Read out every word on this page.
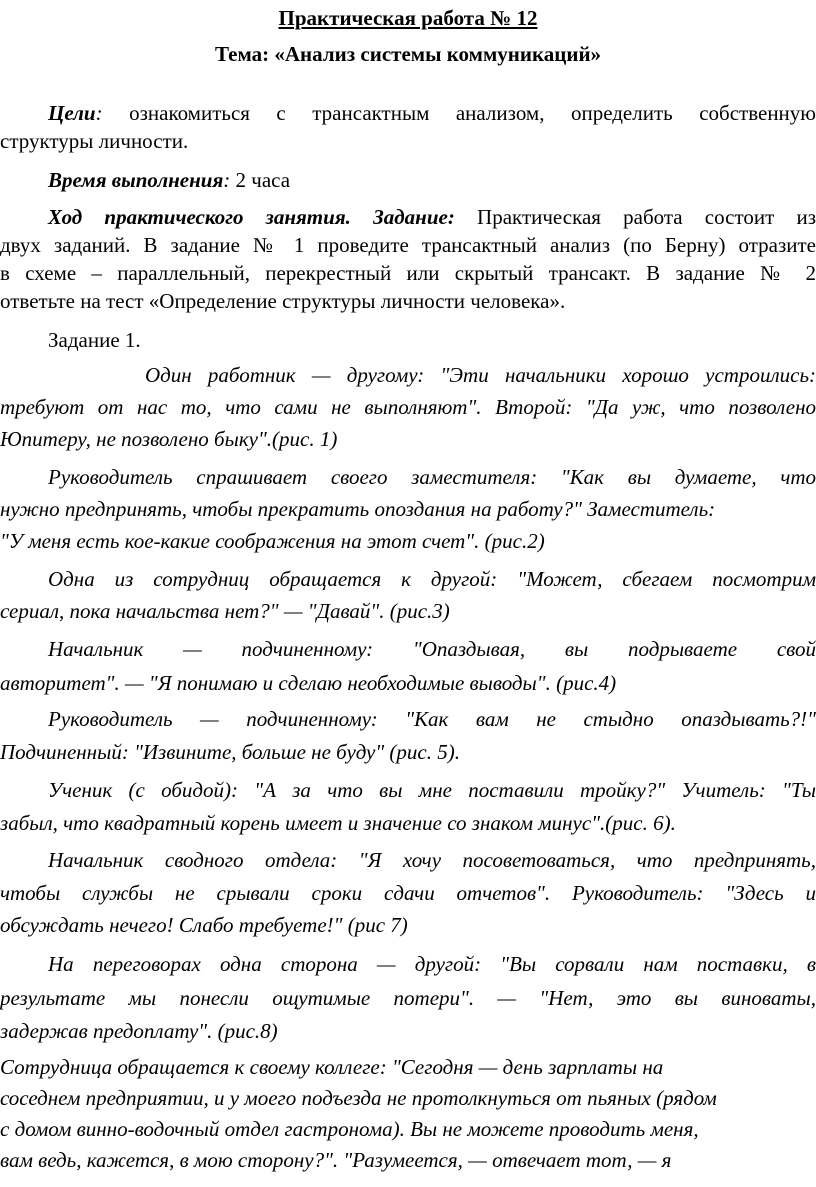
Практическая работа № 12
Тема: «Анализ системы коммуникаций»
Цели: ознакомиться с трансактным анализом, определить собственную
структуры личности.
Время выполнения: 2 часа
Ход практического занятия. Задание: Практическая работа состоит из
двух заданий. В задание № 1 проведите трансактный анализ (по Берну) отразите
в схеме – параллельный, перекрестный или скрытый трансакт. В задание № 2
ответьте на тест «Определение структуры личности человека».
Задание 1.
Один работник — другому: "Эти начальники хорошо устроились:
требуют от нас то, что сами не выполняют". Второй: "Да уж, что позволено
Юпитеру, не позволено быку".(рис. 1)
Руководитель спрашивает своего заместителя: "Как вы думаете, что
нужно предпринять, чтобы прекратить опоздания на работу?" Заместитель:
"У меня есть кое-какие соображения на этот счет". (рис.2)
Одна из сотрудниц обращается к другой: "Может, сбегаем посмотрим
сериал, пока начальства нет?" — "Давай". (рис.3)
Начальник — подчиненному: "Опаздывая, вы подрываете свой
авторитет". — "Я понимаю и сделаю необходимые выводы". (рис.4)
Руководитель — подчиненному: "Как вам не стыдно опаздывать?!"
Подчиненный: "Извините, больше не буду" (рис. 5).
Ученик (с обидой): "А за что вы мне поставили тройку?" Учитель: "Ты
забыл, что квадратный корень имеет и значение со знаком минус".(рис. 6).
Начальник сводного отдела: "Я хочу посоветоваться, что предпринять,
чтобы службы не срывали сроки сдачи отчетов". Руководитель: "Здесь и
обсуждать нечего! Слабо требуете!" (рис 7)
На переговорах одна сторона — другой: "Вы сорвали нам поставки, в
результате мы понесли ощутимые потери". — "Нет, это вы виноваты,
задержав предоплату". (рис.8)
Сотрудница обращается к своему коллеге: "Сегодня — день зарплаты на
соседнем предприятии, и у моего подъезда не протолкнуться от пьяных (рядом
с домом винно-водочный отдел гастронома). Вы не можете проводить меня,
вам ведь, кажется, в мою сторону?". "Разумеется, — отвечает тот, — я
